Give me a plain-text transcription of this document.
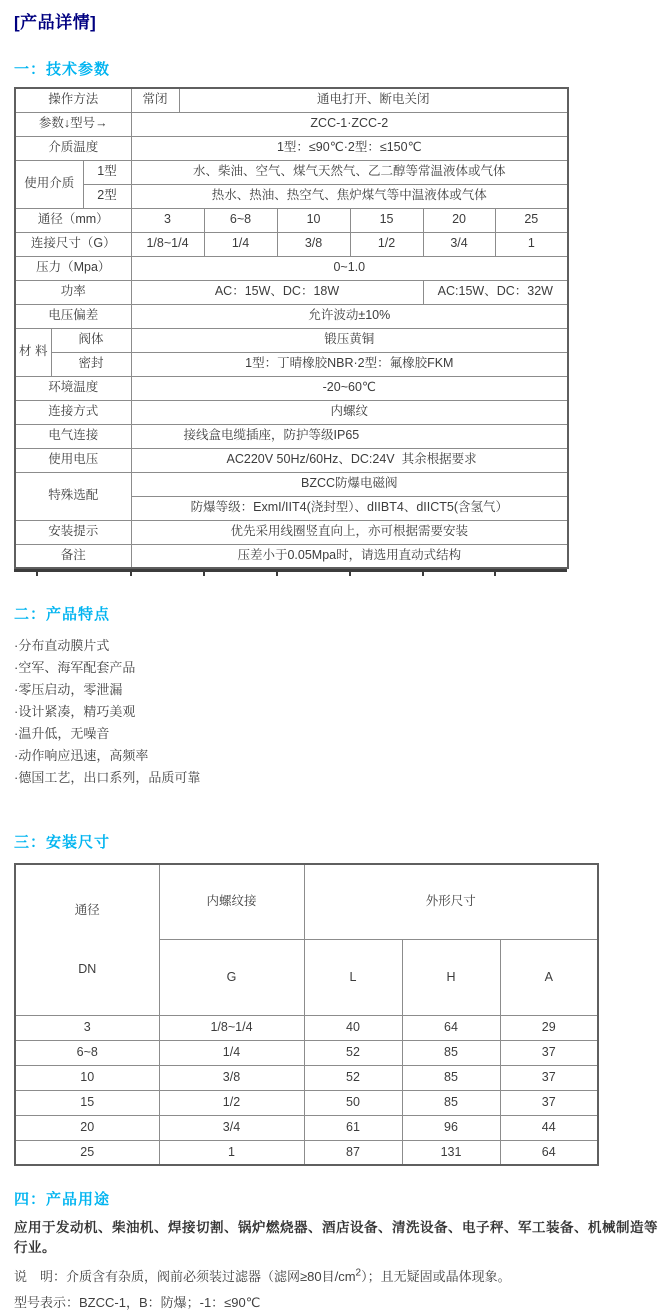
[产品详情]
一：技术参数
操作方法			常闭	通电打开、断电关闭					
参数↓型号→			ZCC-1·ZCC-2						
介质温度			1型：≤90℃·2型：≤150℃						
使用介质		1型	水、柴油、空气、煤气天然气、乙二醇等常温液体或气体						
		2型	热水、热油、热空气、焦炉煤气等中温液体或气体						
通径（mm）			3		6~8	10	15	20	25
连接尺寸（G）			1/8~1/4		1/4	3/8	1/2	3/4	1
压力（Mpa）			0~1.0						
功率			AC：15W、DC：18W					AC:15W、DC：32W	
电压偏差			允许波动±10%						
材 料	阀体		锻压黄铜						
	密封		1型：丁晴橡胶NBR·2型：氟橡胶FKM						
环境温度			-20~60℃						
连接方式			内螺纹						
电气连接			接线盒电缆插座，防护等级IP65						
使用电压			AC220V 50Hz/60Hz、DC:24V  其余根据要求						
特殊选配			BZCC防爆电磁阀						
			防爆等级：ExmI/IIT4(浇封型）、dIIBT4、dIICT5(含氢气）						
安装提示			优先采用线圈竖直向上，亦可根据需要安装						
备注			压差小于0.05Mpa时，请选用直动式结构						
二：产品特点
·分布直动膜片式
·空军、海军配套产品
·零压启动，零泄漏
·设计紧凑，精巧美观
·温升低，无噪音
·动作响应迅速，高频率
·德国工艺，出口系列，品质可靠
三：安装尺寸

通径

DN	内螺纹接	外形尺寸		
	G	L	H	A
3	1/8~1/4	40	64	29
6~8	1/4	52	85	37
10	3/8	52	85	37
15	1/2	50	85	37
20	3/4	61	96	44
25	1	87	131	64
四：产品用途
应用于发动机、柴油机、焊接切割、锅炉燃烧器、酒店设备、清洗设备、电子秤、军工装备、机械制造等行业。
说　明：介质含有杂质，阀前必须装过滤器（滤网≥80目$/cm^2$）；且无疑固或晶体现象。
型号表示：BZCC-1，B：防爆；-1：≤90℃
